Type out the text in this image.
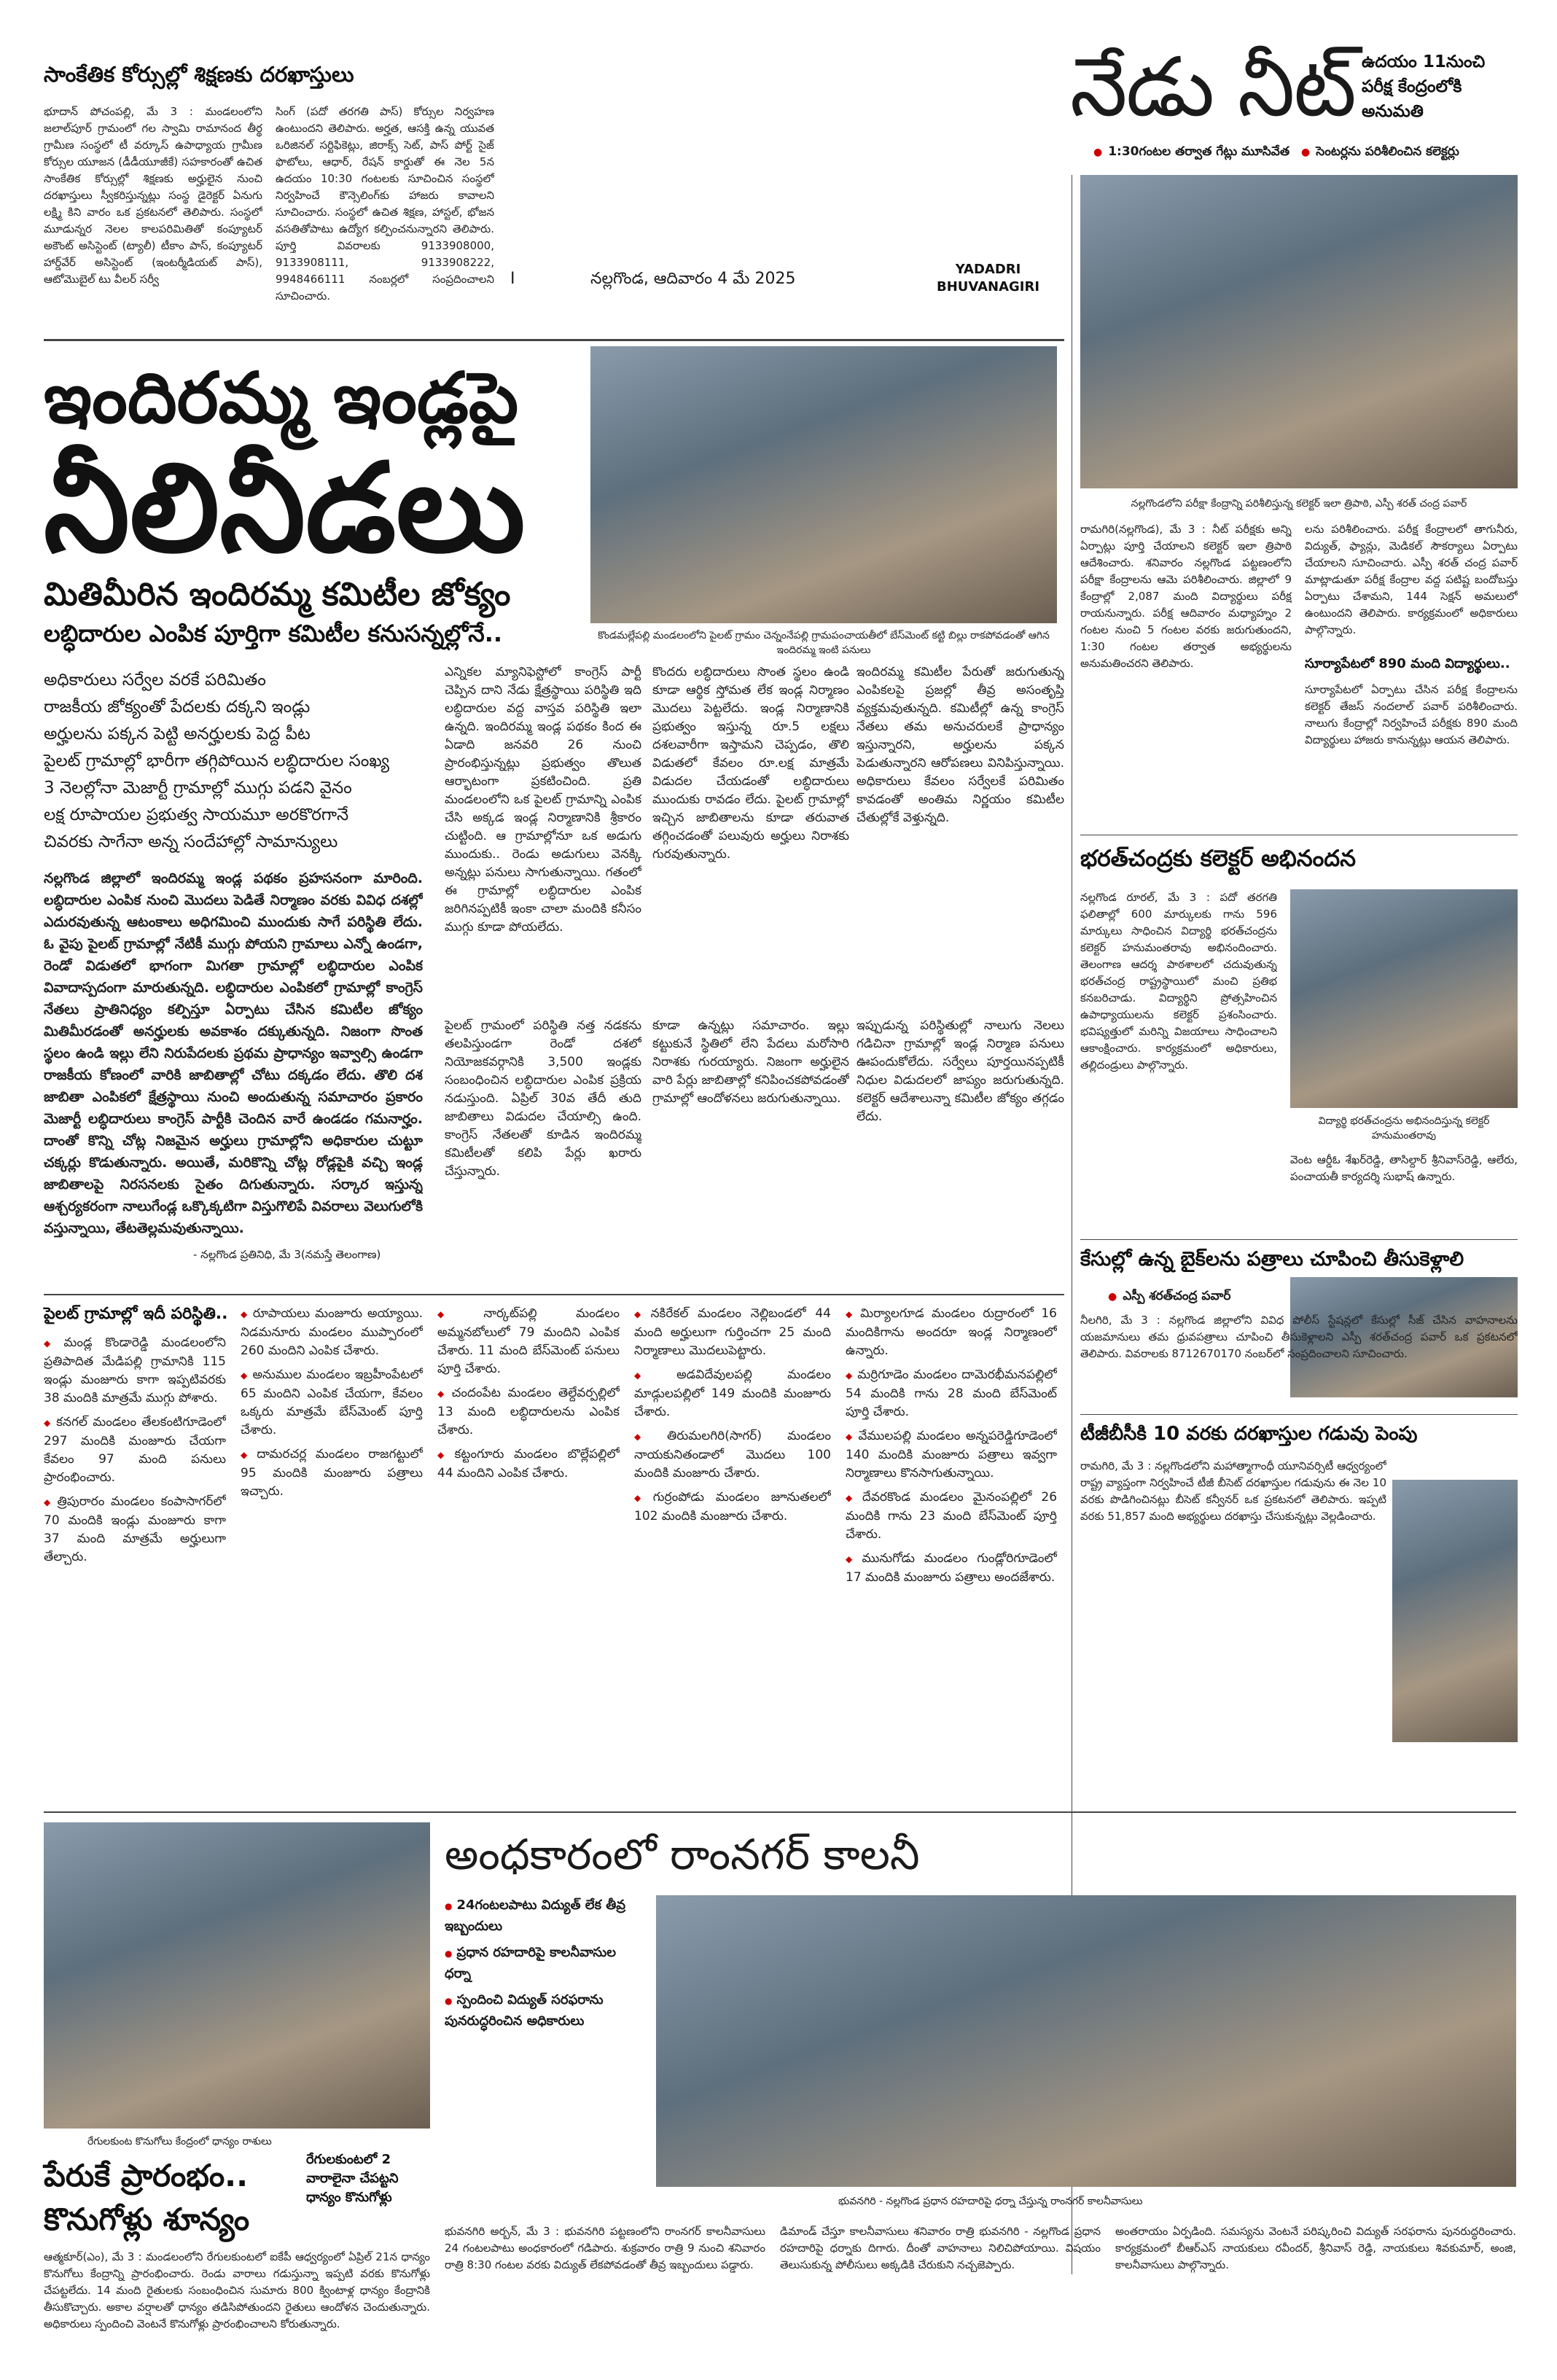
సాంకేతిక కోర్సుల్లో శిక్షణకు దరఖాస్తులు
భూదాన్ పోచంపల్లి, మే 3 : మండలంలోని జలాల్‌పూర్ గ్రామంలో గల స్వామి రామానంద తీర్థ గ్రామీణ సంస్థలో టీ వర్కూస్ ఉపాధ్యాయ గ్రామీణ కోర్సుల యూజన (డీడీయూజీకే) సహకారంతో ఉచిత సాంకేతిక కోర్సుల్లో శిక్షణకు అర్హులైన నుంచి దరఖాస్తులు స్వీకరిస్తున్నట్లు సంస్థ డైరెక్టర్ ఏనుగు లక్ష్మి కిని వారం ఒక ప్రకటనలో తెలిపారు. సంస్థలో మూడున్నర నెలల కాలపరిమితితో కంప్యూటర్ అకౌంట్ అసిస్టెంట్ (ట్యాలీ) టీకాం పాస్, కంప్యూటర్ హార్డ్‌వేర్ అసిస్టెంట్ (ఇంటర్మీడియట్ పాస్), ఆటోమొబైల్ టు వీలర్ సర్వీ
సింగ్ (పదో తరగతి పాస్) కోర్సుల నిర్వహణ ఉంటుందని తెలిపారు. అర్హత, ఆసక్తి ఉన్న యువత ఒరిజినల్ సర్టిఫికెట్లు, జిరాక్స్ సెట్, పాస్ పోర్ట్ సైజ్ ఫొటోలు, ఆధార్, రేషన్ కార్డుతో ఈ నెల 5న ఉదయం 10:30 గంటలకు సూచించిన సంస్థలో నిర్వహించే కౌన్సెలింగ్‌కు హాజరు కావాలని సూచించారు. సంస్థలో ఉచిత శిక్షణ, హాస్టల్, భోజన వసతితోపాటు ఉద్యోగ కల్పించనున్నారని తెలిపారు. పూర్తి వివరాలకు 9133908000, 9133908111, 9133908222, 9948466111 నంబర్లలో సంప్రదించాలని సూచించారు.
I	నల్లగొండ, ఆదివారం 4 మే 2025
YADADRI
BHUVANAGIRI
నేడు నీట్ ఉదయం 11నుంచి పరీక్ష కేంద్రంలోకి అనుమతి
● 1:30గంటల తర్వాత గేట్లు మూసివేత ● సెంటర్లను పరిశీలించిన కలెక్టర్లు
ఇందిరమ్మ ఇండ్లపై
నీలినీడలు
మితిమీరిన ఇందిరమ్మ కమిటీల జోక్యం
లబ్ధిదారుల ఎంపిక పూర్తిగా కమిటీల కనుసన్నల్లోనే..
అధికారులు సర్వేల వరకే పరిమితం
రాజకీయ జోక్యంతో పేదలకు దక్కని ఇండ్లు
అర్హులను పక్కన పెట్టి అనర్హులకు పెద్ద పీట
పైలట్ గ్రామాల్లో భారీగా తగ్గిపోయిన లబ్ధిదారుల సంఖ్య
3 నెలల్లోనా మెజార్టీ గ్రామాల్లో ముగ్గు పడని వైనం
లక్ష రూపాయల ప్రభుత్వ సాయమూ అరకొరగానే
చివరకు సాగేనా అన్న సందేహాల్లో సామాన్యులు
నల్లగొండ జిల్లాలో ఇందిరమ్మ ఇండ్ల పథకం ప్రహసనంగా మారింది. లబ్ధిదారుల ఎంపిక నుంచి మొదలు పెడితే నిర్మాణం వరకు వివిధ దశల్లో ఎదురవుతున్న ఆటంకాలు అధిగమించి ముందుకు సాగే పరిస్థితి లేదు. ఓ వైపు పైలట్ గ్రామాల్లో నేటికీ ముగ్గు పోయని గ్రామాలు ఎన్నో ఉండగా, రెండో విడుతలో భాగంగా మిగతా గ్రామాల్లో లబ్ధిదారుల ఎంపిక వివాదాస్పదంగా మారుతున్నది. లబ్ధిదారుల ఎంపికలో గ్రామాల్లో కాంగ్రెస్ నేతలు ప్రాతినిధ్యం కల్పిస్తూ ఏర్పాటు చేసిన కమిటీల జోక్యం మితిమీరడంతో అనర్హులకు అవకాశం దక్కుతున్నది. నిజంగా సొంత స్థలం ఉండి ఇల్లు లేని నిరుపేదలకు ప్రథమ ప్రాధాన్యం ఇవ్వాల్సి ఉండగా రాజకీయ కోణంలో వారికి జాబితాల్లో చోటు దక్కడం లేదు. తొలి దశ జాబితా ఎంపికలో క్షేత్రస్థాయి నుంచి అందుతున్న సమాచారం ప్రకారం మెజార్టీ లబ్ధిదారులు కాంగ్రెస్ పార్టీకి చెందిన వారే ఉండడం గమనార్హం. దాంతో కొన్ని చోట్ల నిజమైన అర్హులు గ్రామాల్లోని అధికారుల చుట్టూ చక్కర్లు కొడుతున్నారు. అయితే, మరికొన్ని చోట్ల రోడ్లపైకి వచ్చి ఇండ్ల జాబితాలపై నిరసనలకు సైతం దిగుతున్నారు. సర్కార ఇస్తున్న ఆశ్చర్యకరంగా నాలుగేండ్ల ఒక్కొక్కటిగా విస్తుగొలిపే వివరాలు వెలుగులోకి వస్తున్నాయి, తేటతెల్లమవుతున్నాయి.
- నల్లగొండ ప్రతినిధి, మే 3(నమస్తే తెలంగాణ)
కొండమల్లేపల్లి మండలంలోని పైలట్ గ్రామం చెన్నంనేపల్లి గ్రామపంచాయతీలో బేస్‌మెంట్ కట్టి బిల్లు రాకపోవడంతో ఆగిన ఇందిరమ్మ ఇంటి పనులు
ఎన్నికల మ్యానిఫెస్టోలో కాంగ్రెస్ పార్టీ చెప్పిన దాని నేడు క్షేత్రస్థాయి పరిస్థితి ఇది లబ్ధిదారుల వద్ద వాస్తవ పరిస్థితి ఇలా ఉన్నది. ఇందిరమ్మ ఇండ్ల పథకం కింద ఈ ఏడాది జనవరి 26 నుంచి ప్రారంభిస్తున్నట్లు ప్రభుత్వం తొలుత ఆర్భాటంగా ప్రకటించింది. ప్రతి మండలంలోని ఒక పైలట్ గ్రామాన్ని ఎంపిక చేసి అక్కడ ఇండ్ల నిర్మాణానికి శ్రీకారం చుట్టింది. ఆ గ్రామాల్లోనూ ఒక అడుగు ముందుకు.. రెండు అడుగులు వెనక్కి అన్నట్లు పనులు సాగుతున్నాయి. గతంలో ఈ గ్రామాల్లో లబ్ధిదారుల ఎంపిక జరిగినప్పటికీ ఇంకా చాలా మందికి కనీసం ముగ్గు కూడా పోయలేదు.
కొందరు లబ్ధిదారులు సొంత స్థలం ఉండి కూడా ఆర్థిక స్తోమత లేక ఇండ్ల నిర్మాణం మొదలు పెట్టలేదు. ఇండ్ల నిర్మాణానికి ప్రభుత్వం ఇస్తున్న రూ.5 లక్షలు దశలవారీగా ఇస్తామని చెప్పడం, తొలి విడుతలో కేవలం రూ.లక్ష మాత్రమే విడుదల చేయడంతో లబ్ధిదారులు ముందుకు రావడం లేదు. పైలట్ గ్రామాల్లో ఇచ్చిన జాబితాలను కూడా తరువాత తగ్గించడంతో పలువురు అర్హులు నిరాశకు గురవుతున్నారు.
ఇందిరమ్మ కమిటీల పేరుతో జరుగుతున్న ఎంపికలపై ప్రజల్లో తీవ్ర అసంతృప్తి వ్యక్తమవుతున్నది. కమిటీల్లో ఉన్న కాంగ్రెస్ నేతలు తమ అనుచరులకే ప్రాధాన్యం ఇస్తున్నారని, అర్హులను పక్కన పెడుతున్నారని ఆరోపణలు వినిపిస్తున్నాయి. అధికారులు కేవలం సర్వేలకే పరిమితం కావడంతో అంతిమ నిర్ణయం కమిటీల చేతుల్లోకే వెళ్తున్నది.
పైలట్ గ్రామంలో పరిస్థితి నత్త నడకను తలపిస్తుండగా రెండో దశలో నియోజకవర్గానికి 3,500 ఇండ్లకు సంబంధించిన లబ్ధిదారుల ఎంపిక ప్రక్రియ నడుస్తుంది. ఏప్రిల్ 30వ తేదీ తుది జాబితాలు విడుదల చేయాల్సి ఉంది. కాంగ్రెస్ నేతలతో కూడిన ఇందిరమ్మ కమిటీలతో కలిపి పేర్లు ఖరారు చేస్తున్నారు.
కూడా ఉన్నట్లు సమాచారం. ఇల్లు కట్టుకునే స్థితిలో లేని పేదలు మరోసారి నిరాశకు గురయ్యారు. నిజంగా అర్హులైన వారి పేర్లు జాబితాల్లో కనిపించకపోవడంతో గ్రామాల్లో ఆందోళనలు జరుగుతున్నాయి.
ఇప్పుడున్న పరిస్థితుల్లో నాలుగు నెలలు గడిచినా గ్రామాల్లో ఇండ్ల నిర్మాణ పనులు ఊపందుకోలేదు. సర్వేలు పూర్తయినప్పటికీ నిధుల విడుదలలో జాప్యం జరుగుతున్నది. కలెక్టర్ ఆదేశాలున్నా కమిటీల జోక్యం తగ్గడం లేదు.
పైలట్ గ్రామాల్లో ఇదీ పరిస్థితి..
◆ మండ్ల కొండారెడ్డి మండలంలోని ప్రతిపాదిత మేడిపల్లి గ్రామానికి 115 ఇండ్లు మంజూరు కాగా ఇప్పటివరకు 38 మందికి మాత్రమే ముగ్గు పోశారు.
◆ కనగల్ మండలం తేలకంటిగూడెంలో 297 మందికి మంజూరు చేయగా కేవలం 97 మంది పనులు ప్రారంభించారు.
◆ త్రిపురారం మండలం కంపాసాగర్‌లో 70 మందికి ఇండ్లు మంజూరు కాగా 37 మంది మాత్రమే అర్హులుగా తేల్చారు.
◆ రూపాయలు మంజూరు అయ్యాయి. నిడమనూరు మండలం ముప్పారంలో 260 మందిని ఎంపిక చేశారు.
◆ అనుముల మండలం ఇబ్రహీంపేటలో 65 మందిని ఎంపిక చేయగా, కేవలం ఒక్కరు మాత్రమే బేస్‌మెంట్ పూర్తి చేశారు.
◆ దామరచర్ల మండలం రాజగట్టులో 95 మందికి మంజూరు పత్రాలు ఇచ్చారు.
◆ నార్కట్‌పల్లి మండలం అమ్మనబోలులో 79 మందిని ఎంపిక చేశారు. 11 మంది బేస్‌మెంట్ పనులు పూర్తి చేశారు.
◆ చందంపేట మండలం తెల్దేవర్పల్లిలో 13 మంది లబ్ధిదారులను ఎంపిక చేశారు.
◆ కట్టంగూరు మండలం బొల్లేపల్లిలో 44 మందిని ఎంపిక చేశారు.
◆ నకిరేకల్ మండలం నెల్లిబండలో 44 మంది అర్హులుగా గుర్తించగా 25 మంది నిర్మాణాలు మొదలుపెట్టారు.
◆ అడవిదేవులపల్లి మండలం మాడ్గులపల్లిలో 149 మందికి మంజూరు చేశారు.
◆ తిరుమలగిరి(సాగర్) మండలం నాయకునితండాలో మొదలు 100 మందికి మంజూరు చేశారు.
◆ గుర్రంపోడు మండలం జూనుతలలో 102 మందికి మంజూరు చేశారు.
◆ మిర్యాలగూడ మండలం రుద్రారంలో 16 మందికిగాను అందరూ ఇండ్ల నిర్మాణంలో ఉన్నారు.
◆ మర్రిగూడెం మండలం దామెరభీమనపల్లిలో 54 మందికి గాను 28 మంది బేస్‌మెంట్ పూర్తి చేశారు.
◆ వేములపల్లి మండలం అన్నపరెడ్డిగూడెంలో 140 మందికి మంజూరు పత్రాలు ఇవ్వగా నిర్మాణాలు కొనసాగుతున్నాయి.
◆ దేవరకొండ మండలం మైనంపల్లిలో 26 మందికి గాను 23 మంది బేస్‌మెంట్ పూర్తి చేశారు.
◆ మునుగోడు మండలం గుండ్లోరిగూడెంలో 17 మందికి మంజూరు పత్రాలు అందజేశారు.
నల్లగొండలోని పరీక్షా కేంద్రాన్ని పరిశీలిస్తున్న కలెక్టర్ ఇలా త్రిపాఠి, ఎస్పీ శరత్ చంద్ర పవార్
రామగిరి(నల్లగొండ), మే 3 : నీట్ పరీక్షకు అన్ని ఏర్పాట్లు పూర్తి చేయాలని కలెక్టర్ ఇలా త్రిపాఠి ఆదేశించారు. శనివారం నల్లగొండ పట్టణంలోని పరీక్షా కేంద్రాలను ఆమె పరిశీలించారు. జిల్లాలో 9 కేంద్రాల్లో 2,087 మంది విద్యార్థులు పరీక్ష రాయనున్నారు. పరీక్ష ఆదివారం మధ్యాహ్నం 2 గంటల నుంచి 5 గంటల వరకు జరుగుతుందని, 1:30 గంటల తర్వాత అభ్యర్థులను అనుమతించరని తెలిపారు.
లను పరిశీలించారు. పరీక్ష కేంద్రాలలో తాగునీరు, విద్యుత్, ఫ్యాన్లు, మెడికల్ సౌకర్యాలు ఏర్పాటు చేయాలని సూచించారు. ఎస్పీ శరత్ చంద్ర పవార్ మాట్లాడుతూ పరీక్ష కేంద్రాల వద్ద పటిష్ట బందోబస్తు ఏర్పాటు చేశామని, 144 సెక్షన్ అమలులో ఉంటుందని తెలిపారు. కార్యక్రమంలో అధికారులు పాల్గొన్నారు.
సూర్యాపేటలో 890 మంది విద్యార్థులు..
సూర్యాపేటలో ఏర్పాటు చేసిన పరీక్ష కేంద్రాలను కలెక్టర్ తేజస్ నందలాల్ పవార్ పరిశీలించారు. నాలుగు కేంద్రాల్లో నిర్వహించే పరీక్షకు 890 మంది విద్యార్థులు హాజరు కానున్నట్లు ఆయన తెలిపారు.
భరత్‌చంద్రకు కలెక్టర్ అభినందన
నల్లగొండ రూరల్, మే 3 : పదో తరగతి ఫలితాల్లో 600 మార్కులకు గాను 596 మార్కులు సాధించిన విద్యార్థి భరత్‌చంద్రను కలెక్టర్ హనుమంతరావు అభినందించారు. తెలంగాణ ఆదర్శ పాఠశాలలో చదువుతున్న భరత్‌చంద్ర రాష్ట్రస్థాయిలో మంచి ప్రతిభ కనబరిచాడు. విద్యార్థిని ప్రోత్సహించిన ఉపాధ్యాయులను కలెక్టర్ ప్రశంసించారు. భవిష్యత్తులో మరిన్ని విజయాలు సాధించాలని ఆకాంక్షించారు. కార్యక్రమంలో అధికారులు, తల్లిదండ్రులు పాల్గొన్నారు.
విద్యార్థి భరత్‌చంద్రను అభినందిస్తున్న కలెక్టర్ హనుమంతరావు
వెంట ఆర్డీఓ శేఖర్‌రెడ్డి, తాసిల్దార్ శ్రీనివాస్‌రెడ్డి, ఆలేరు, పంచాయతీ కార్యదర్శి సుభాష్ ఉన్నారు.
కేసుల్లో ఉన్న బైక్‌లను పత్రాలు చూపించి తీసుకెళ్లాలి
● ఎస్పీ శరత్‌చంద్ర పవార్
నీలగిరి, మే 3 : నల్లగొండ జిల్లాలోని వివిధ పోలీస్ స్టేషన్లలో కేసుల్లో సీజ్ చేసిన వాహనాలను యజమానులు తమ ధ్రువపత్రాలు చూపించి తీసుకెళ్లాలని ఎస్పీ శరత్‌చంద్ర పవార్ ఒక ప్రకటనలో తెలిపారు. వివరాలకు 8712670170 నంబర్‌లో సంప్రదించాలని సూచించారు.
టీజీబీసీకి 10 వరకు దరఖాస్తుల గడువు పెంపు
రామగిరి, మే 3 : నల్లగొండలోని మహాత్మాగాంధీ యూనివర్సిటీ ఆధ్వర్యంలో రాష్ట్ర వ్యాప్తంగా నిర్వహించే టీజీ బీసెట్ దరఖాస్తుల గడువును ఈ నెల 10 వరకు పొడిగించినట్లు బీసెట్ కన్వీనర్ ఒక ప్రకటనలో తెలిపారు. ఇప్పటి వరకు 51,857 మంది అభ్యర్థులు దరఖాస్తు చేసుకున్నట్లు వెల్లడించారు.
అంధకారంలో రాంనగర్ కాలనీ
● 24గంటలపాటు విద్యుత్ లేక తీవ్ర ఇబ్బందులు
● ప్రధాన రహదారిపై కాలనీవాసుల ధర్నా
● స్పందించి విద్యుత్ సరఫరాను పునరుద్ధరించిన అధికారులు
భువనగిరి - నల్లగొండ ప్రధాన రహదారిపై ధర్నా చేస్తున్న రాంనగర్ కాలనీవాసులు
భువనగిరి అర్బన్, మే 3 : భువనగిరి పట్టణంలోని రాంనగర్ కాలనీవాసులు 24 గంటలపాటు అంధకారంలో గడిపారు. శుక్రవారం రాత్రి 9 నుంచి శనివారం రాత్రి 8:30 గంటల వరకు విద్యుత్ లేకపోవడంతో తీవ్ర ఇబ్బందులు పడ్డారు.
డిమాండ్ చేస్తూ కాలనీవాసులు శనివారం రాత్రి భువనగిరి - నల్లగొండ ప్రధాన రహదారిపై ధర్నాకు దిగారు. దీంతో వాహనాలు నిలిచిపోయాయి. విషయం తెలుసుకున్న పోలీసులు అక్కడికి చేరుకుని నచ్చజెప్పారు.
అంతరాయం ఏర్పడింది. సమస్యను వెంటనే పరిష్కరించి విద్యుత్ సరఫరాను పునరుద్ధరించారు. కార్యక్రమంలో బీఆర్‌ఎస్ నాయకులు రవీందర్, శ్రీనివాస్ రెడ్డి, నాయకులు శివకుమార్, అంజి, కాలనీవాసులు పాల్గొన్నారు.
రేగులకుంట కొనుగోలు కేంద్రంలో ధాన్యం రాశులు
పేరుకే ప్రారంభం..
కొనుగోళ్లు శూన్యం
రేగులకుంటలో 2 వారాలైనా చేపట్టని ధాన్యం కొనుగోళ్లు
ఆత్మకూర్(ఎం), మే 3 : మండలంలోని రేగులకుంటలో ఐకేపీ ఆధ్వర్యంలో ఏప్రిల్ 21న ధాన్యం కొనుగోలు కేంద్రాన్ని ప్రారంభించారు. రెండు వారాలు గడుస్తున్నా ఇప్పటి వరకు కొనుగోళ్లు చేపట్టలేదు. 14 మంది రైతులకు సంబంధించిన సుమారు 800 క్వింటాళ్ల ధాన్యం కేంద్రానికి తీసుకొచ్చారు. అకాల వర్షాలతో ధాన్యం తడిసిపోతుందని రైతులు ఆందోళన చెందుతున్నారు. అధికారులు స్పందించి వెంటనే కొనుగోళ్లు ప్రారంభించాలని కోరుతున్నారు.
